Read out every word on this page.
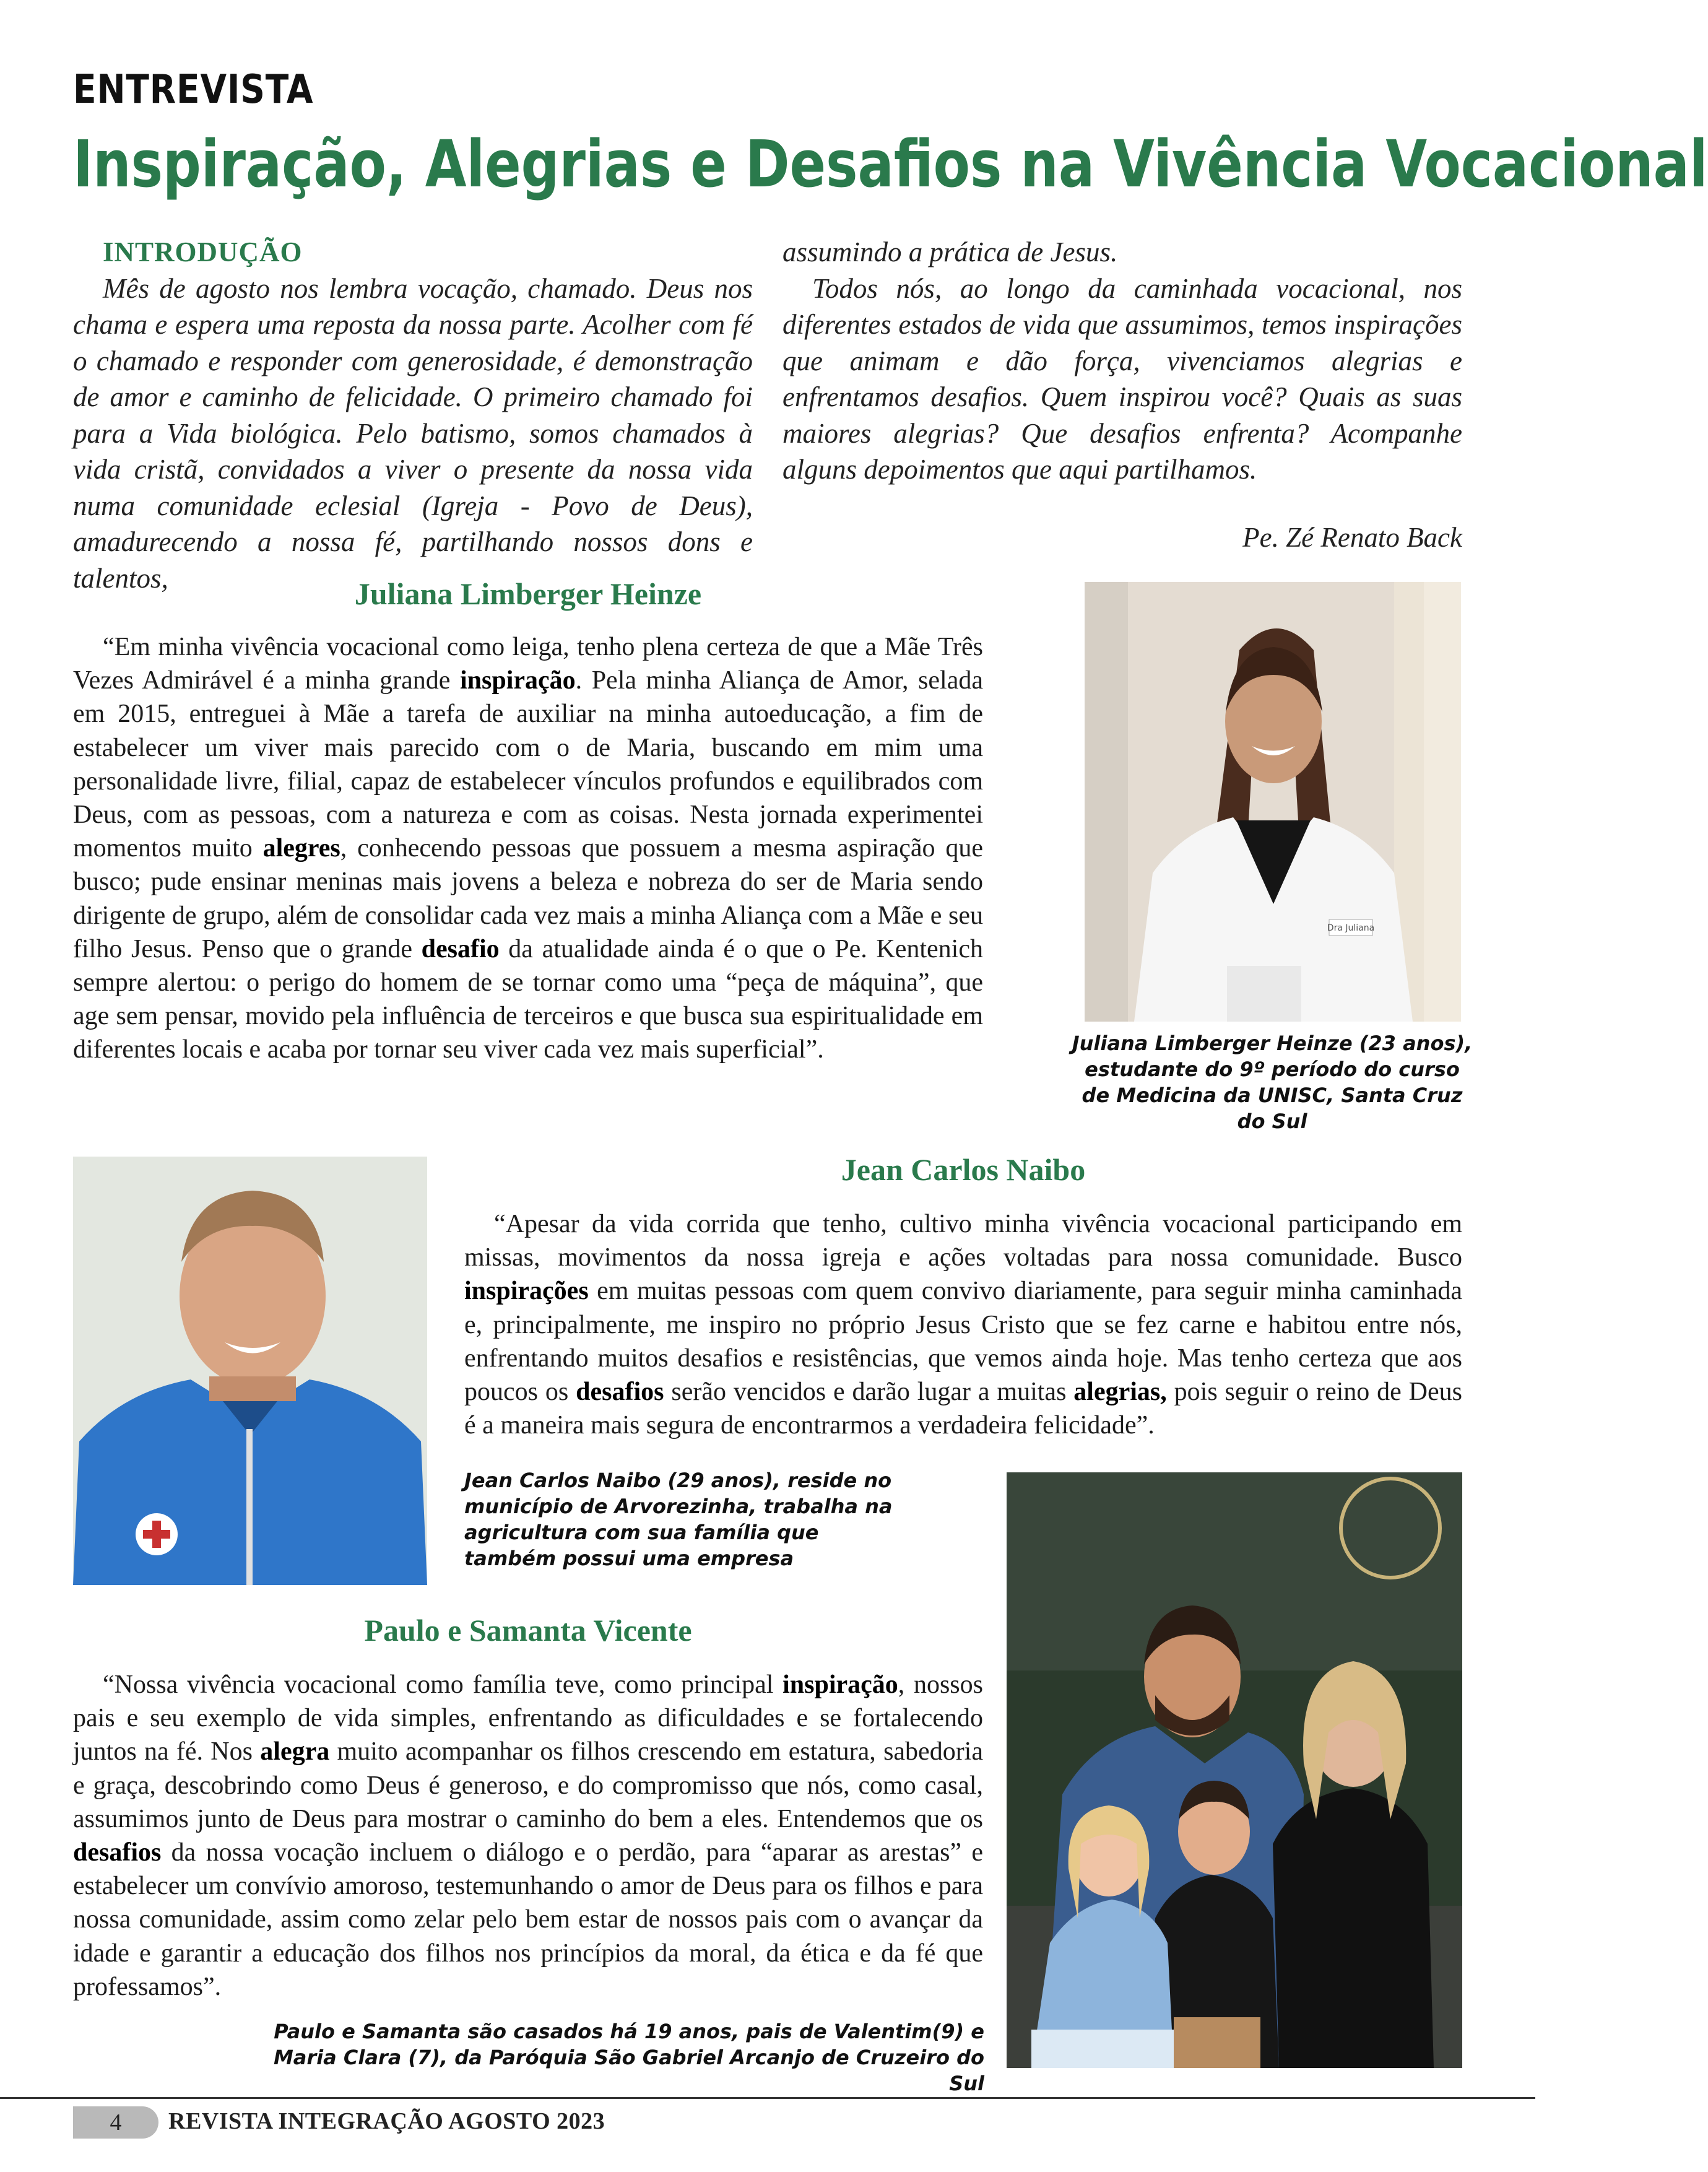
ENTREVISTA
Inspiração, Alegrias e Desafios na Vivência Vocacional
INTRODUÇÃO

Mês de agosto nos lembra vocação, chamado. Deus nos chama e espera uma reposta da nossa parte. Acolher com fé o chamado e responder com generosidade, é demonstração de amor e caminho de felicidade. O primeiro chamado foi para a Vida biológica. Pelo batismo, somos chamados à vida cristã, convidados a viver o presente da nossa vida numa comunidade eclesial (Igreja - Povo de Deus), amadurecendo a nossa fé, partilhando nossos dons e talentos,

assumindo a prática de Jesus.

Todos nós, ao longo da caminhada vocacional, nos diferentes estados de vida que assumimos, temos inspirações que animam e dão força, vivenciamos alegrias e enfrentamos desafios. Quem inspirou você? Quais as suas maiores alegrias? Que desafios enfrenta? Acompanhe alguns depoimentos que aqui partilhamos.

Pe. Zé Renato Back
Juliana Limberger Heinze

“Em minha vivência vocacional como leiga, tenho plena certeza de que a Mãe Três Vezes Admirável é a minha grande inspiração. Pela minha Aliança de Amor, selada em 2015, entreguei à Mãe a tarefa de auxiliar na minha autoeducação, a fim de estabelecer um viver mais parecido com o de Maria, buscando em mim uma personalidade livre, filial, capaz de estabelecer vínculos profundos e equilibrados com Deus, com as pessoas, com a natureza e com as coisas. Nesta jornada experimentei momentos muito alegres, conhecendo pessoas que possuem a mesma aspiração que busco; pude ensinar meninas mais jovens a beleza e nobreza do ser de Maria sendo dirigente de grupo, além de consolidar cada vez mais a minha Aliança com a Mãe e seu filho Jesus. Penso que o grande desafio da atualidade ainda é o que o Pe. Kentenich sempre alertou: o perigo do homem de se tornar como uma “peça de máquina”, que age sem pensar, movido pela influência de terceiros e que busca sua espiritualidade em diferentes locais e acaba por tornar seu viver cada vez mais superficial”.

Dra Juliana
Juliana Limberger Heinze (23 anos), estudante do 9º período do curso de Medicina da UNISC, Santa Cruz do Sul
Jean Carlos Naibo

“Apesar da vida corrida que tenho, cultivo minha vivência vocacional participando em missas, movimentos da nossa igreja e ações voltadas para nossa comunidade. Busco inspirações em muitas pessoas com quem convivo diariamente, para seguir minha caminhada e, principalmente, me inspiro no próprio Jesus Cristo que se fez carne e habitou entre nós, enfrentando muitos desafios e resistências, que vemos ainda hoje. Mas tenho certeza que aos poucos os desafios serão vencidos e darão lugar a muitas alegrias, pois seguir o reino de Deus é a maneira mais segura de encontrarmos a verdadeira felicidade”.

Jean Carlos Naibo (29 anos), reside no município de Arvorezinha, trabalha na agricultura com sua família que também possui uma empresa
Paulo e Samanta Vicente

“Nossa vivência vocacional como família teve, como principal inspiração, nossos pais e seu exemplo de vida simples, enfrentando as dificuldades e se fortalecendo juntos na fé. Nos alegra muito acompanhar os filhos crescendo em estatura, sabedoria e graça, descobrindo como Deus é generoso, e do compromisso que nós, como casal, assumimos junto de Deus para mostrar o caminho do bem a eles. Entendemos que os desafios da nossa vocação incluem o diálogo e o perdão, para “aparar as arestas” e estabelecer um convívio amoroso, testemunhando o amor de Deus para os filhos e para nossa comunidade, assim como zelar pelo bem estar de nossos pais com o avançar da idade e garantir a educação dos filhos nos princípios da moral, da ética e da fé que professamos”.

Paulo e Samanta são casados há 19 anos, pais de Valentim(9) e Maria Clara (7), da Paróquia São Gabriel Arcanjo de Cruzeiro do Sul
4	REVISTA INTEGRAÇÃO AGOSTO 2023
